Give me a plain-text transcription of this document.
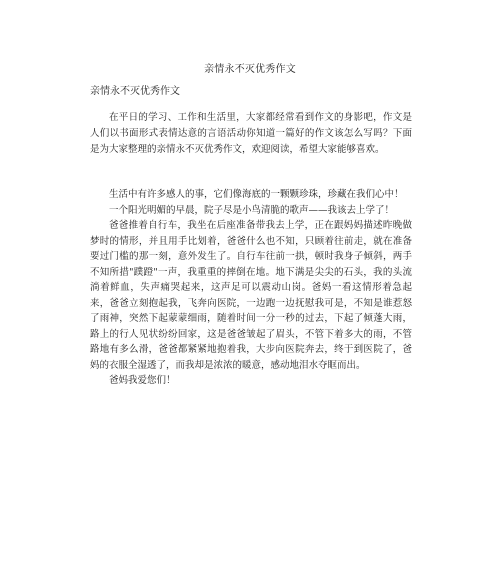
亲情永不灭优秀作文
亲情永不灭优秀作文

在平日的学习、工作和生活里，大家都经常看到作文的身影吧，作文是人们以书面形式表情达意的言语活动你知道一篇好的作文该怎么写吗？下面是为大家整理的亲情永不灭优秀作文，欢迎阅读，希望大家能够喜欢。

生活中有许多感人的事，它们像海底的一颗颗珍珠，珍藏在我们心中！

一个阳光明媚的早晨，院子尽是小鸟清脆的歌声——我该去上学了！

爸爸推着自行车，我坐在后座准备带我去上学，正在跟妈妈描述昨晚做梦时的情形，并且用手比划着，爸爸什么也不知，只顾着往前走，就在准备要过门槛的那一刻，意外发生了。自行车往前一拱，顿时我身子倾斜，两手不知所措"蹼蹬"一声，我重重的摔倒在地。地下满是尖尖的石头，我的头流淌着鲜血，失声痛哭起来，这声足可以震动山岗。爸妈一看这情形着急起来，爸爸立刻抱起我，飞奔向医院，一边跑一边抚慰我可是，不知是谁惹怒了雨神，突然下起蒙蒙细雨，随着时间一分一秒的过去，下起了倾蓬大雨，路上的行人见状纷纷回家，这是爸爸皱起了眉头，不管下着多大的雨，不管路地有多么滑，爸爸都紧紧地抱着我，大步向医院奔去，终于到医院了，爸妈的衣服全湿透了，而我却是浓浓的暖意，感动地泪水夺眶而出。

爸妈我爱您们！
